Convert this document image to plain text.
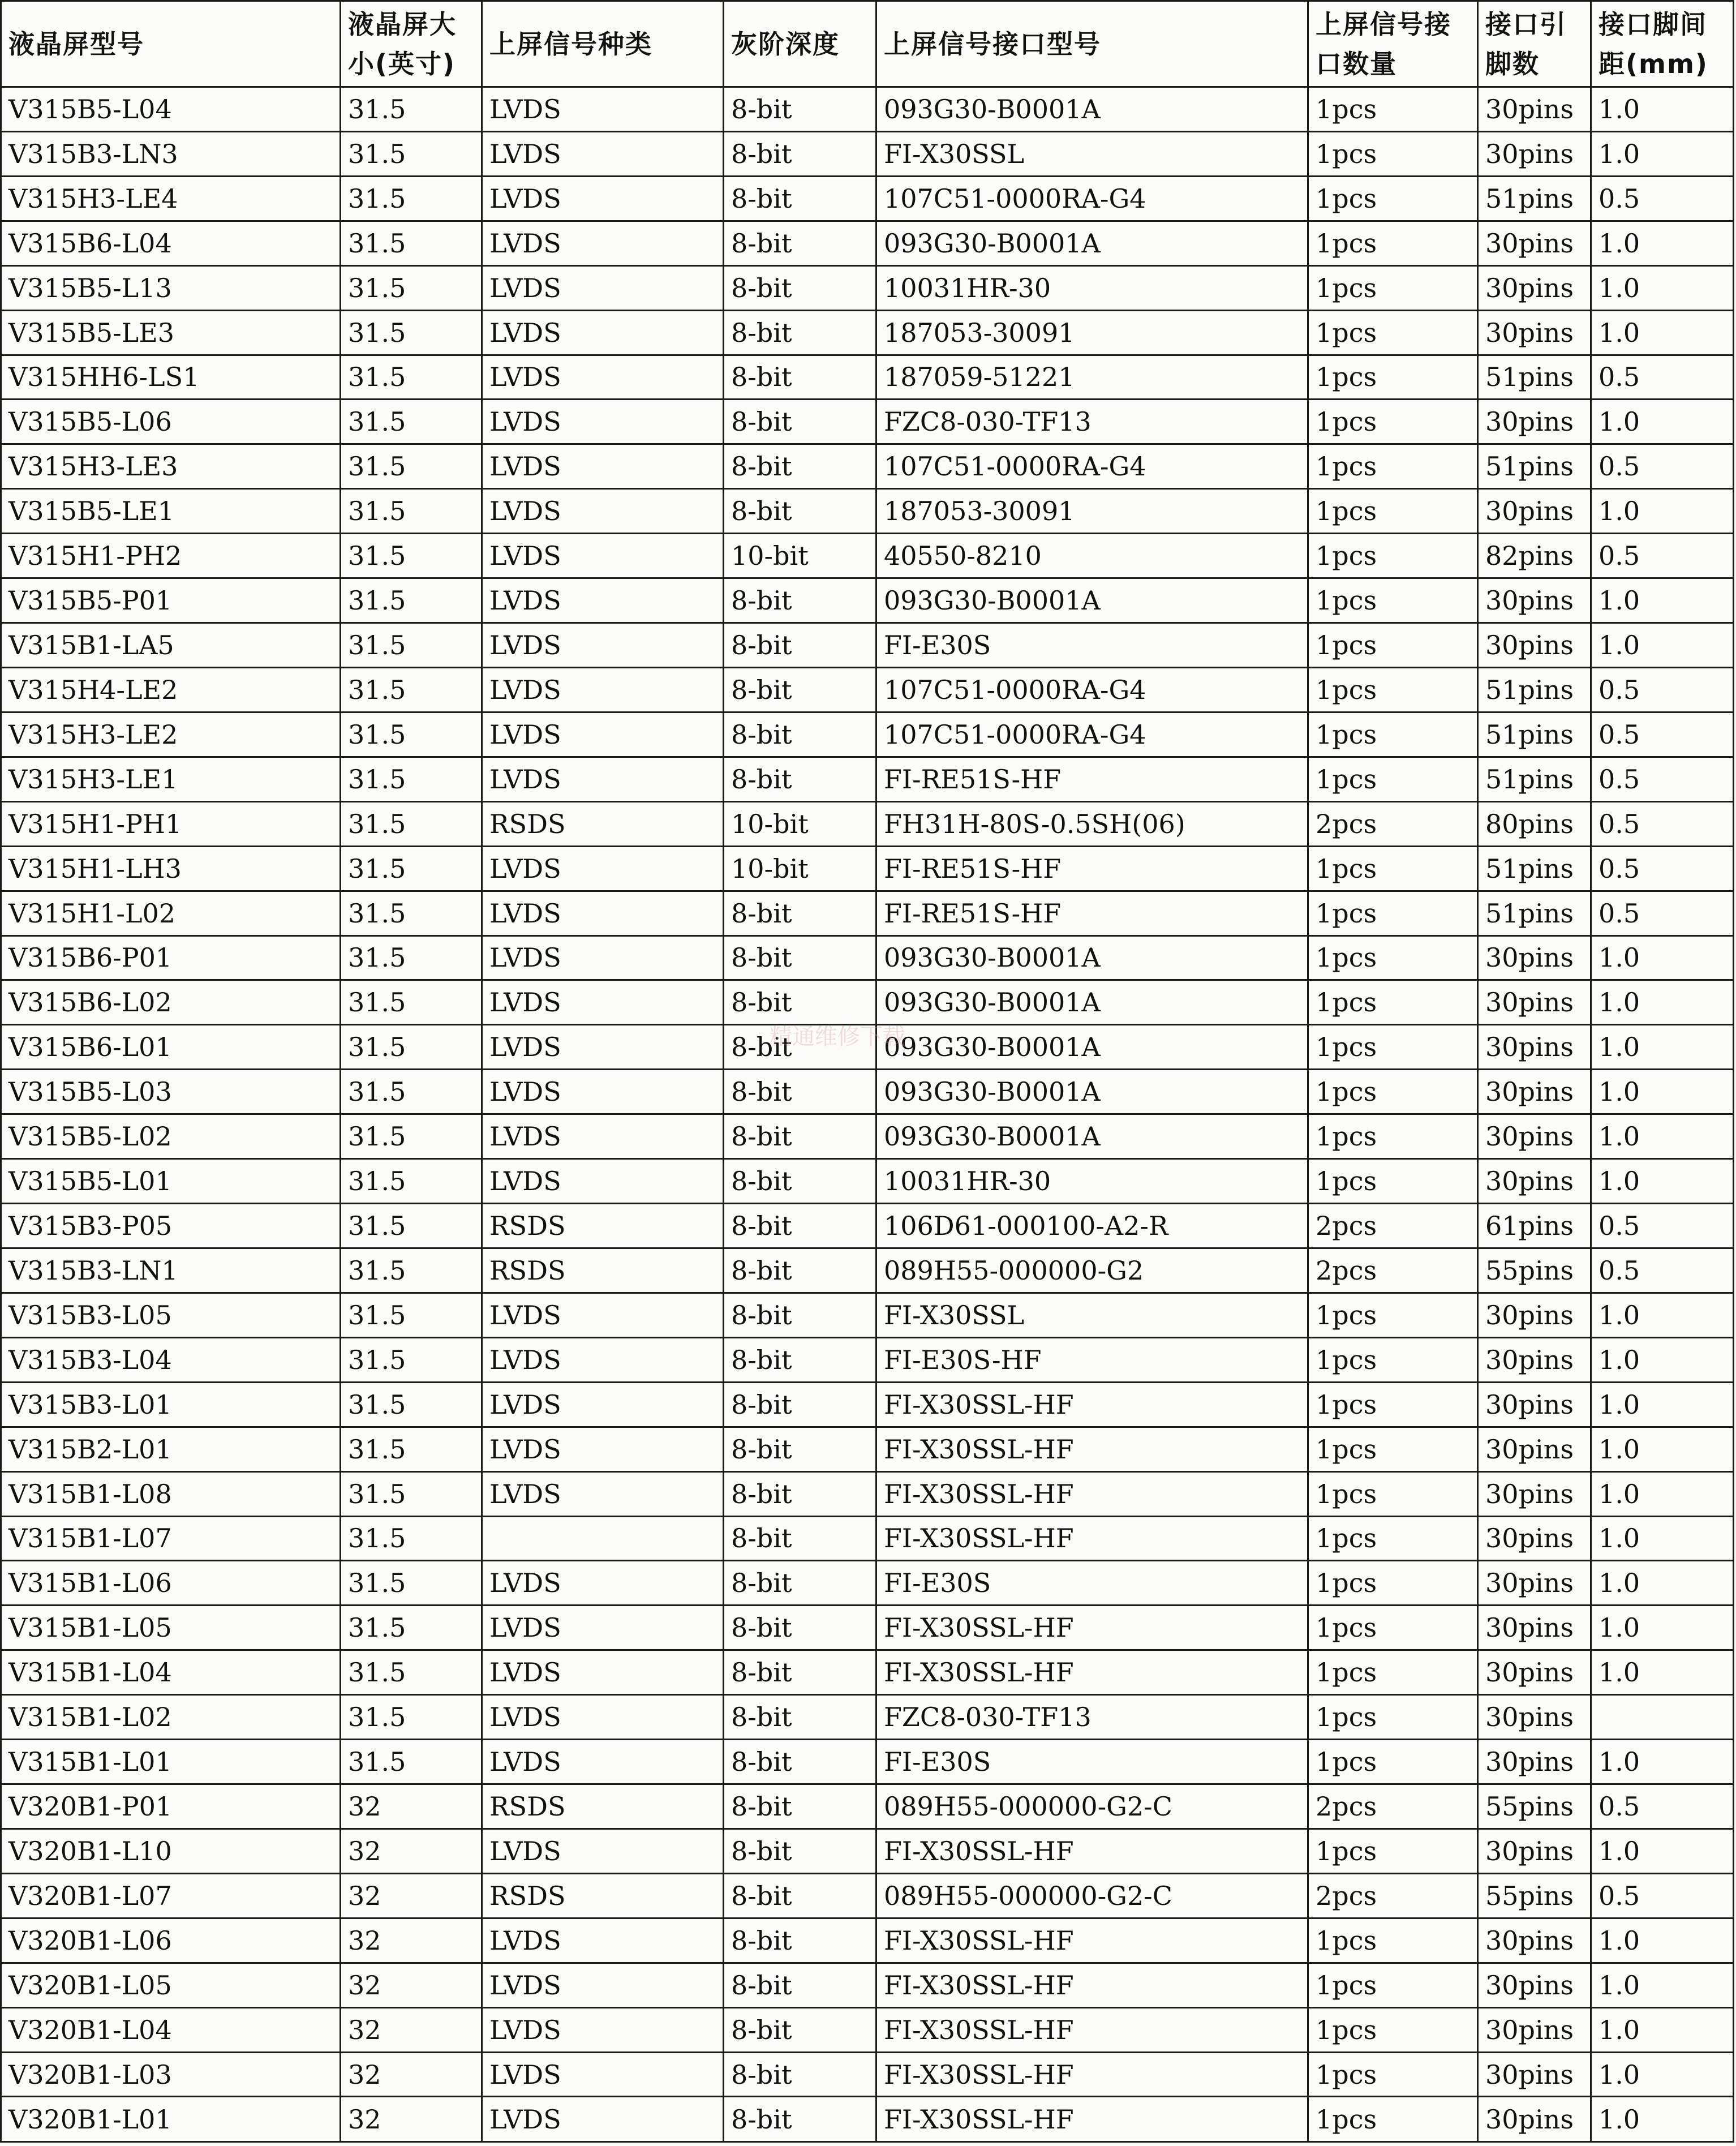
液晶屏型号	液晶屏大小(英寸)	上屏信号种类	灰阶深度	上屏信号接口型号	上屏信号接口数量	接口引脚数	接口脚间距(mm)
V315B5-L04	31.5	LVDS	8-bit	093G30-B0001A	1pcs	30pins	1.0
V315B3-LN3	31.5	LVDS	8-bit	FI-X30SSL	1pcs	30pins	1.0
V315H3-LE4	31.5	LVDS	8-bit	107C51-0000RA-G4	1pcs	51pins	0.5
V315B6-L04	31.5	LVDS	8-bit	093G30-B0001A	1pcs	30pins	1.0
V315B5-L13	31.5	LVDS	8-bit	10031HR-30	1pcs	30pins	1.0
V315B5-LE3	31.5	LVDS	8-bit	187053-30091	1pcs	30pins	1.0
V315HH6-LS1	31.5	LVDS	8-bit	187059-51221	1pcs	51pins	0.5
V315B5-L06	31.5	LVDS	8-bit	FZC8-030-TF13	1pcs	30pins	1.0
V315H3-LE3	31.5	LVDS	8-bit	107C51-0000RA-G4	1pcs	51pins	0.5
V315B5-LE1	31.5	LVDS	8-bit	187053-30091	1pcs	30pins	1.0
V315H1-PH2	31.5	LVDS	10-bit	40550-8210	1pcs	82pins	0.5
V315B5-P01	31.5	LVDS	8-bit	093G30-B0001A	1pcs	30pins	1.0
V315B1-LA5	31.5	LVDS	8-bit	FI-E30S	1pcs	30pins	1.0
V315H4-LE2	31.5	LVDS	8-bit	107C51-0000RA-G4	1pcs	51pins	0.5
V315H3-LE2	31.5	LVDS	8-bit	107C51-0000RA-G4	1pcs	51pins	0.5
V315H3-LE1	31.5	LVDS	8-bit	FI-RE51S-HF	1pcs	51pins	0.5
V315H1-PH1	31.5	RSDS	10-bit	FH31H-80S-0.5SH(06)	2pcs	80pins	0.5
V315H1-LH3	31.5	LVDS	10-bit	FI-RE51S-HF	1pcs	51pins	0.5
V315H1-L02	31.5	LVDS	8-bit	FI-RE51S-HF	1pcs	51pins	0.5
V315B6-P01	31.5	LVDS	8-bit	093G30-B0001A	1pcs	30pins	1.0
V315B6-L02	31.5	LVDS	8-bit	093G30-B0001A	1pcs	30pins	1.0
V315B6-L01	31.5	LVDS	8-bit	093G30-B0001A	1pcs	30pins	1.0
V315B5-L03	31.5	LVDS	8-bit	093G30-B0001A	1pcs	30pins	1.0
V315B5-L02	31.5	LVDS	8-bit	093G30-B0001A	1pcs	30pins	1.0
V315B5-L01	31.5	LVDS	8-bit	10031HR-30	1pcs	30pins	1.0
V315B3-P05	31.5	RSDS	8-bit	106D61-000100-A2-R	2pcs	61pins	0.5
V315B3-LN1	31.5	RSDS	8-bit	089H55-000000-G2	2pcs	55pins	0.5
V315B3-L05	31.5	LVDS	8-bit	FI-X30SSL	1pcs	30pins	1.0
V315B3-L04	31.5	LVDS	8-bit	FI-E30S-HF	1pcs	30pins	1.0
V315B3-L01	31.5	LVDS	8-bit	FI-X30SSL-HF	1pcs	30pins	1.0
V315B2-L01	31.5	LVDS	8-bit	FI-X30SSL-HF	1pcs	30pins	1.0
V315B1-L08	31.5	LVDS	8-bit	FI-X30SSL-HF	1pcs	30pins	1.0
V315B1-L07	31.5		8-bit	FI-X30SSL-HF	1pcs	30pins	1.0
V315B1-L06	31.5	LVDS	8-bit	FI-E30S	1pcs	30pins	1.0
V315B1-L05	31.5	LVDS	8-bit	FI-X30SSL-HF	1pcs	30pins	1.0
V315B1-L04	31.5	LVDS	8-bit	FI-X30SSL-HF	1pcs	30pins	1.0
V315B1-L02	31.5	LVDS	8-bit	FZC8-030-TF13	1pcs	30pins	
V315B1-L01	31.5	LVDS	8-bit	FI-E30S	1pcs	30pins	1.0
V320B1-P01	32	RSDS	8-bit	089H55-000000-G2-C	2pcs	55pins	0.5
V320B1-L10	32	LVDS	8-bit	FI-X30SSL-HF	1pcs	30pins	1.0
V320B1-L07	32	RSDS	8-bit	089H55-000000-G2-C	2pcs	55pins	0.5
V320B1-L06	32	LVDS	8-bit	FI-X30SSL-HF	1pcs	30pins	1.0
V320B1-L05	32	LVDS	8-bit	FI-X30SSL-HF	1pcs	30pins	1.0
V320B1-L04	32	LVDS	8-bit	FI-X30SSL-HF	1pcs	30pins	1.0
V320B1-L03	32	LVDS	8-bit	FI-X30SSL-HF	1pcs	30pins	1.0
V320B1-L01	32	LVDS	8-bit	FI-X30SSL-HF	1pcs	30pins	1.0
精通维修下载
